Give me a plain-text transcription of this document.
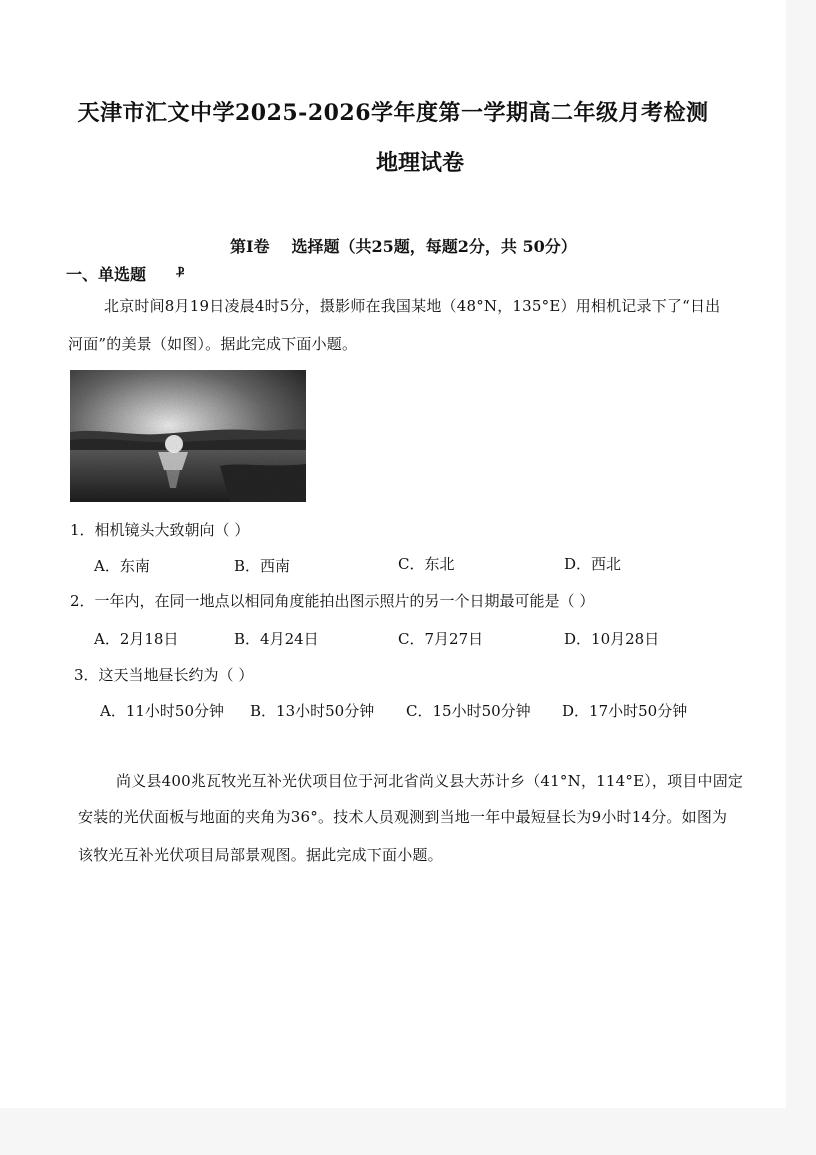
天津市汇文中学2025-2026学年度第一学期高二年级月考检测
地理试卷
第I卷 选择题（共25题，每题2分，共 50分）
一、单选题 Ⳁ
北京时间8月19日凌晨4时5分，摄影师在我国某地（48°N，135°E）用相机记录下了“日出
河面”的美景（如图）。据此完成下面小题。
1．相机镜头大致朝向（ ）
A．东南	B．西南	C．东北	D．西北
2．一年内，在同一地点以相同角度能拍出图示照片的另一个日期最可能是（ ）
A．2月18日	B．4月24日	C．7月27日	D．10月28日
3．这天当地昼长约为（ ）
A．11小时50分钟 B．13小时50分钟 C．15小时50分钟 D．17小时50分钟
尚义县400兆瓦牧光互补光伏项目位于河北省尚义县大苏计乡（41°N，114°E），项目中固定
安装的光伏面板与地面的夹角为36°。技术人员观测到当地一年中最短昼长为9小时14分。如图为
该牧光互补光伏项目局部景观图。据此完成下面小题。
